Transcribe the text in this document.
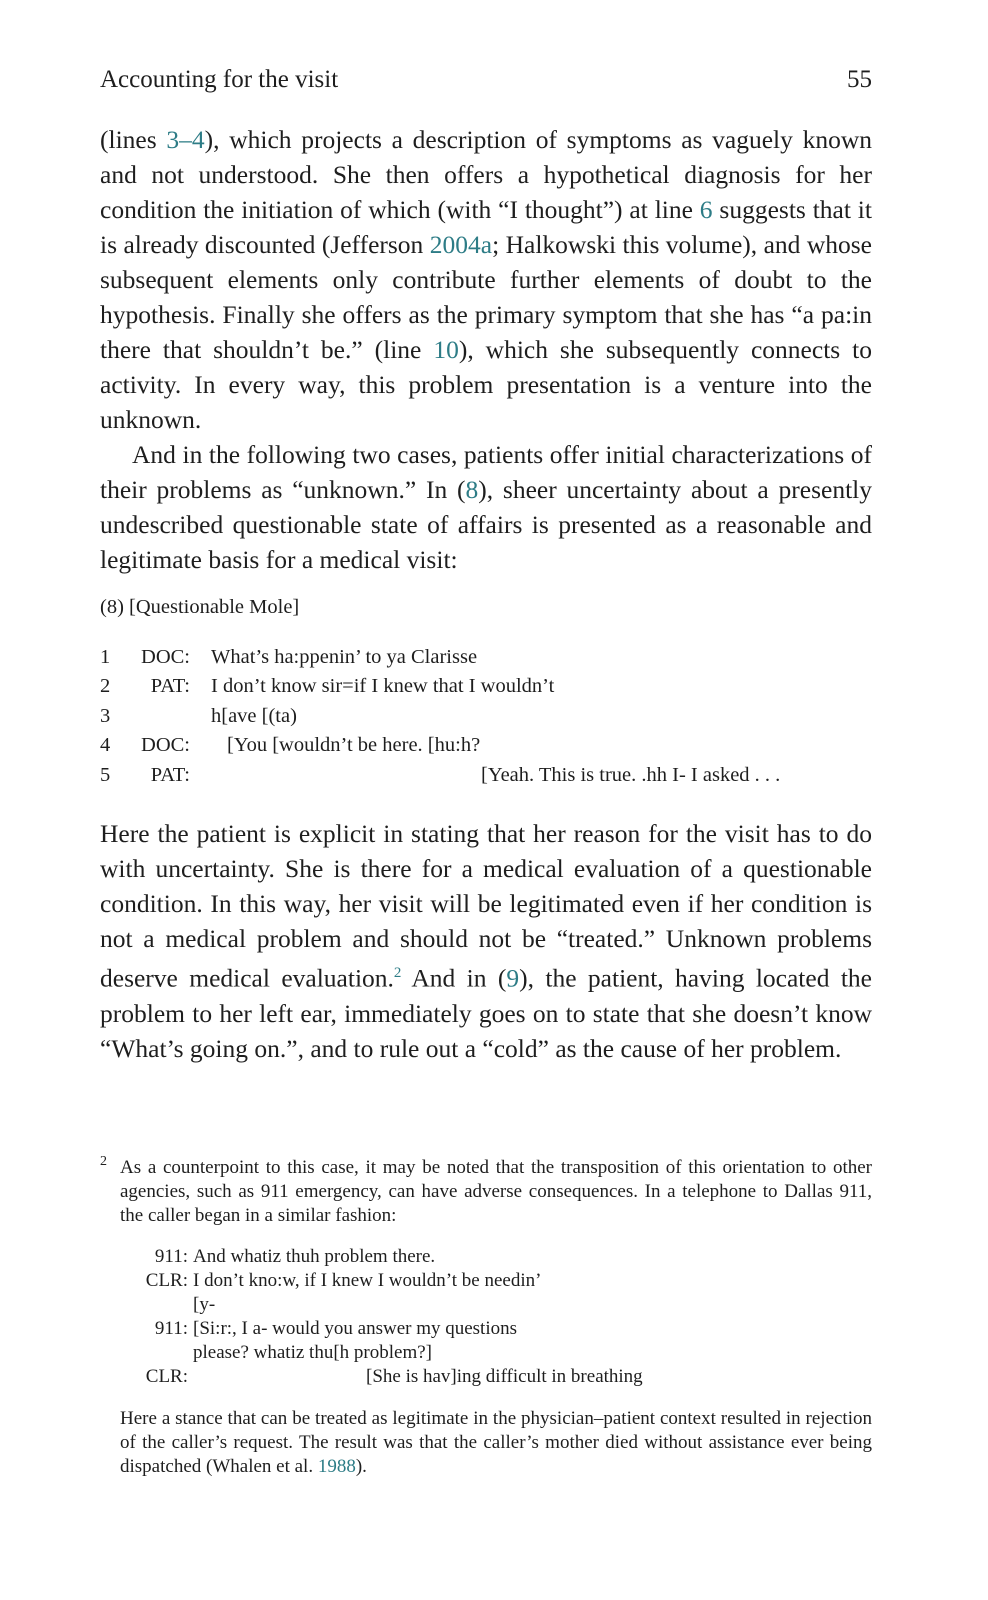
Accounting for the visit	55

(lines 3–4), which projects a description of symptoms as vaguely known and not understood. She then offers a hypothetical diagnosis for her condition the initiation of which (with “I thought”) at line 6 suggests that it is already discounted (Jefferson 2004a; Halkowski this volume), and whose subsequent elements only contribute further elements of doubt to the hypothesis. Finally she offers as the primary symptom that she has “a pa:in there that shouldn’t be.” (line 10), which she subsequently connects to activity. In every way, this problem presentation is a venture into the unknown.

And in the following two cases, patients offer initial characterizations of their problems as “unknown.” In (8), sheer uncertainty about a presently undescribed questionable state of affairs is presented as a reasonable and legitimate basis for a medical visit:

(8) [Questionable Mole]
1	DOC: What’s ha:ppenin’ to ya Clarisse
2	PAT: I don’t know sir=if I knew that I wouldn’t
3	h[ave [(ta)
4	DOC: [You [wouldn’t be here. [hu:h?
5	PAT:	[Yeah. This is true. .hh I- I asked . . .

Here the patient is explicit in stating that her reason for the visit has to do with uncertainty. She is there for a medical evaluation of a questionable condition. In this way, her visit will be legitimated even if her condition is not a medical problem and should not be “treated.” Unknown problems deserve medical evaluation.$^2$ And in (9), the patient, having located the problem to her left ear, immediately goes on to state that she doesn’t know “What’s going on.”, and to rule out a “cold” as the cause of her problem.

2 As a counterpoint to this case, it may be noted that the transposition of this orientation to other agencies, such as 911 emergency, can have adverse consequences. In a telephone to Dallas 911, the caller began in a similar fashion:

911: And whatiz thuh problem there.
CLR: I don’t kno:w, if I knew I wouldn’t be needin’
[y-
911: [Si:r:, I a- would you answer my questions
please? whatiz thu[h problem?]
CLR:	[She is hav]ing difficult in breathing

Here a stance that can be treated as legitimate in the physician–patient context resulted in rejection of the caller’s request. The result was that the caller’s mother died without assistance ever being dispatched (Whalen et al. 1988).
